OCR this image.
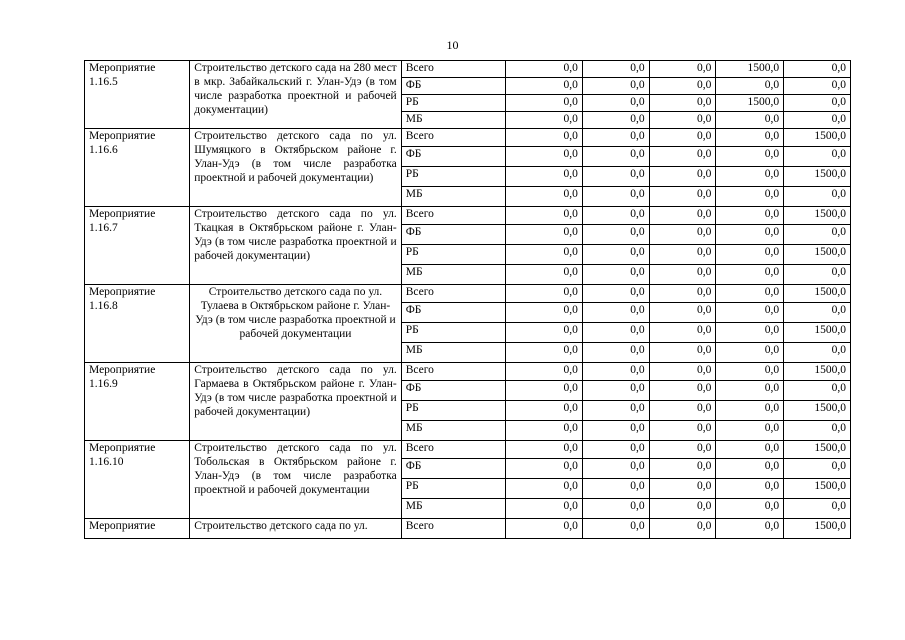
10
Мероприятие 1.16.5	Строительство детского сада на 280 мест в мкр. Забайкальский г. Улан-Удэ (в том числе разработка проектной и рабочей документации)	Всего	0,0	0,0	0,0	1500,0	0,0
		ФБ	0,0	0,0	0,0	0,0	0,0
		РБ	0,0	0,0	0,0	1500,0	0,0
		МБ	0,0	0,0	0,0	0,0	0,0
Мероприятие 1.16.6	Строительство детского сада по ул. Шумяцкого в Октябрьском районе г. Улан-Удэ (в том числе разработка проектной и рабочей документации)	Всего	0,0	0,0	0,0	0,0	1500,0
		ФБ	0,0	0,0	0,0	0,0	0,0
		РБ	0,0	0,0	0,0	0,0	1500,0
		МБ	0,0	0,0	0,0	0,0	0,0
Мероприятие 1.16.7	Строительство детского сада по ул. Ткацкая в Октябрьском районе г. Улан-Удэ (в том числе разработка проектной и рабочей документации)	Всего	0,0	0,0	0,0	0,0	1500,0
		ФБ	0,0	0,0	0,0	0,0	0,0
		РБ	0,0	0,0	0,0	0,0	1500,0
		МБ	0,0	0,0	0,0	0,0	0,0
Мероприятие 1.16.8	Строительство детского сада по ул. Тулаева в Октябрьском районе г. Улан-Удэ (в том числе разработка проектной и рабочей документации	Всего	0,0	0,0	0,0	0,0	1500,0
		ФБ	0,0	0,0	0,0	0,0	0,0
		РБ	0,0	0,0	0,0	0,0	1500,0
		МБ	0,0	0,0	0,0	0,0	0,0
Мероприятие 1.16.9	Строительство детского сада по ул. Гармаева в Октябрьском районе г. Улан-Удэ (в том числе разработка проектной и рабочей документации)	Всего	0,0	0,0	0,0	0,0	1500,0
		ФБ	0,0	0,0	0,0	0,0	0,0
		РБ	0,0	0,0	0,0	0,0	1500,0
		МБ	0,0	0,0	0,0	0,0	0,0
Мероприятие 1.16.10	Строительство детского сада по ул. Тобольская в Октябрьском районе г. Улан-Удэ (в том числе разработка проектной и рабочей документации	Всего	0,0	0,0	0,0	0,0	1500,0
		ФБ	0,0	0,0	0,0	0,0	0,0
		РБ	0,0	0,0	0,0	0,0	1500,0
		МБ	0,0	0,0	0,0	0,0	0,0
Мероприятие	Строительство детского сада по ул.	Всего	0,0	0,0	0,0	0,0	1500,0
